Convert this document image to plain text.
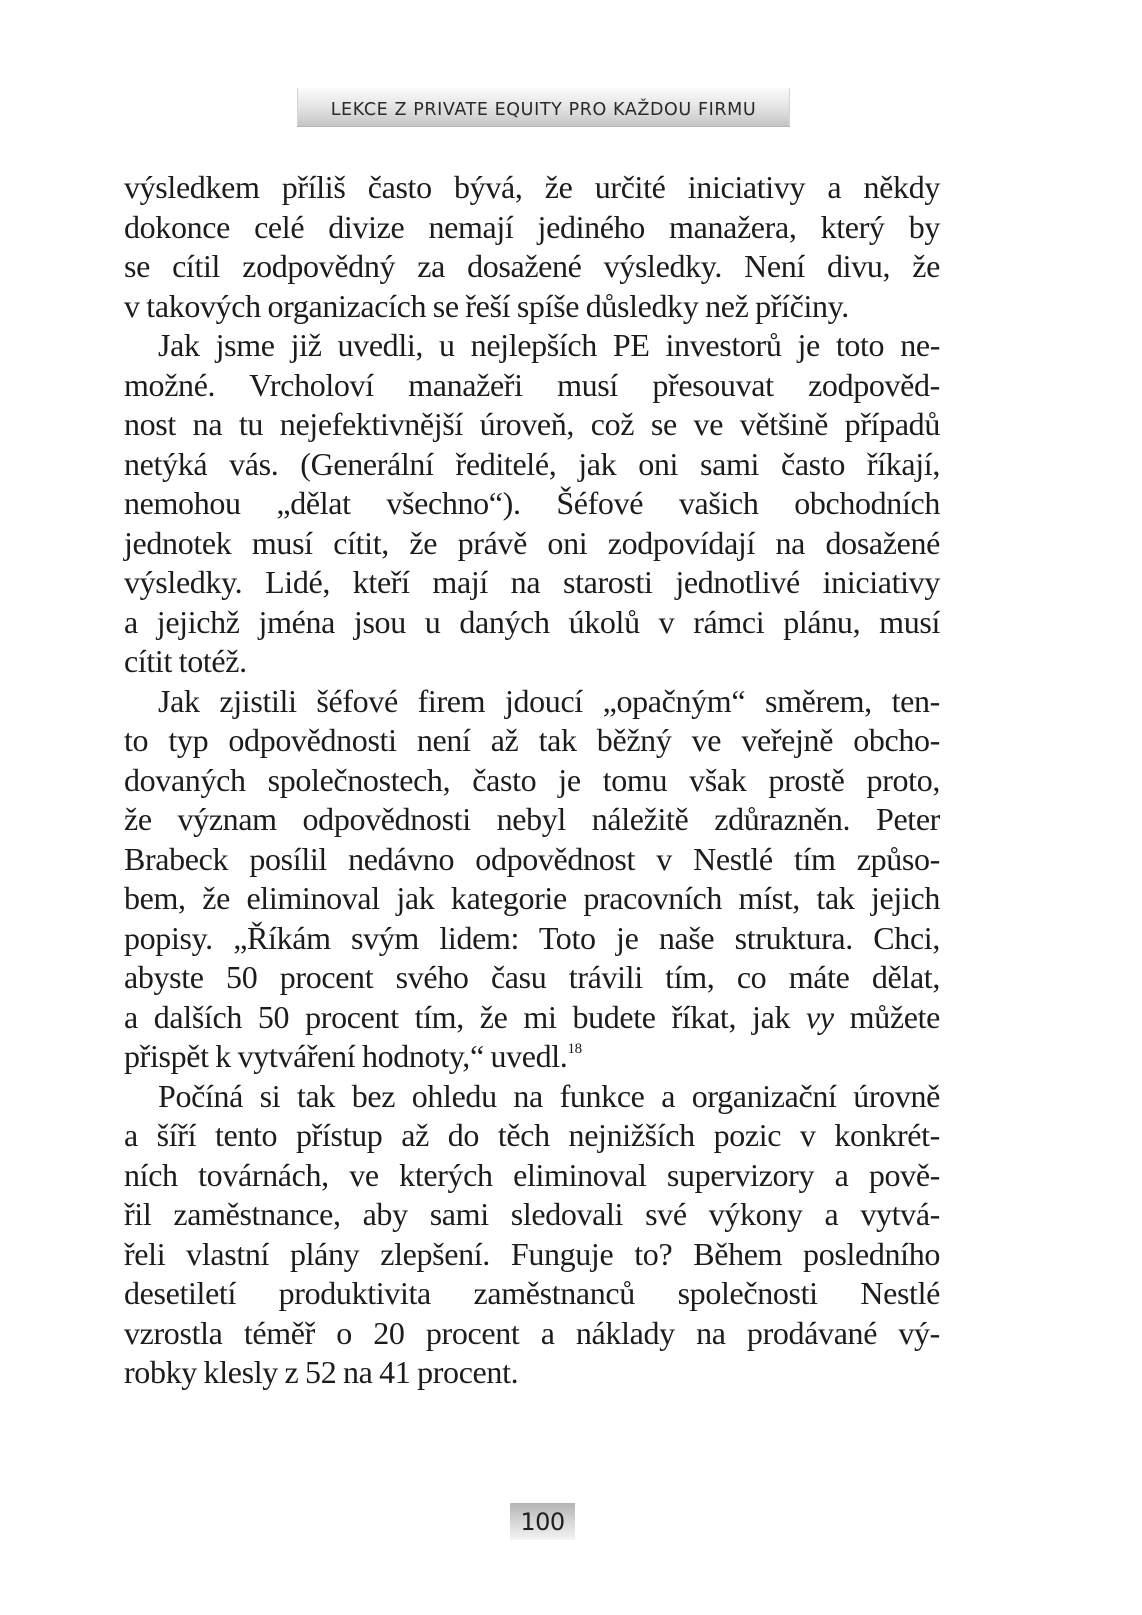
LEKCE Z PRIVATE EQUITY PRO KAŽDOU FIRMU
výsledkem příliš často bývá, že určité iniciativy a někdy
dokonce celé divize nemají jediného manažera, který by
se cítil zodpovědný za dosažené výsledky. Není divu, že
v takových organizacích se řeší spíše důsledky než příčiny.
Jak jsme již uvedli, u nejlepších PE investorů je toto ne-
možné. Vrcholoví manažeři musí přesouvat zodpověd-
nost na tu nejefektivnější úroveň, což se ve většině případů
netýká vás. (Generální ředitelé, jak oni sami často říkají,
nemohou „dělat všechno“). Šéfové vašich obchodních
jednotek musí cítit, že právě oni zodpovídají na dosažené
výsledky. Lidé, kteří mají na starosti jednotlivé iniciativy
a jejichž jména jsou u daných úkolů v rámci plánu, musí
cítit totéž.
Jak zjistili šéfové firem jdoucí „opačným“ směrem, ten-
to typ odpovědnosti není až tak běžný ve veřejně obcho-
dovaných společnostech, často je tomu však prostě proto,
že význam odpovědnosti nebyl náležitě zdůrazněn. Peter
Brabeck posílil nedávno odpovědnost v Nestlé tím způso-
bem, že eliminoval jak kategorie pracovních míst, tak jejich
popisy. „Říkám svým lidem: Toto je naše struktura. Chci,
abyste 50 procent svého času trávili tím, co máte dělat,
a dalších 50 procent tím, že mi budete říkat, jak vy můžete
přispět k vytváření hodnoty,“ uvedl.$^{18}$
Počíná si tak bez ohledu na funkce a organizační úrovně
a šíří tento přístup až do těch nejnižších pozic v konkrét-
ních továrnách, ve kterých eliminoval supervizory a pově-
řil zaměstnance, aby sami sledovali své výkony a vytvá-
řeli vlastní plány zlepšení. Funguje to? Během posledního
desetiletí produktivita zaměstnanců společnosti Nestlé
vzrostla téměř o 20 procent a náklady na prodávané vý-
robky klesly z 52 na 41 procent.
100
